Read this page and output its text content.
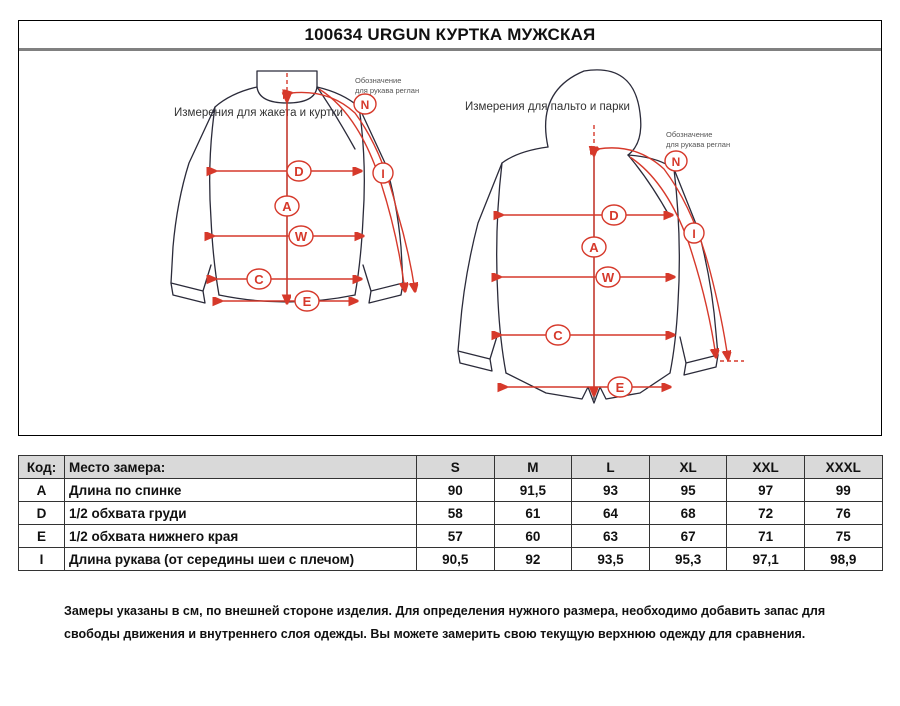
100634 URGUN КУРТКА МУЖСКАЯ
Измерения для жакета и куртки	Измерения для пальто и парки
D
A
W
C
E
N
I
Обозначение
для рукава реглан
D
A
W
C
E
N
I
Обозначение
для рукава реглан
Код:	Место замера:	S	M	L	XL	XXL	XXXL
A	Длина по спинке	90	91,5	93	95	97	99
D	1/2 обхвата груди	58	61	64	68	72	76
E	1/2 обхвата нижнего края	57	60	63	67	71	75
I	Длина рукава (от середины шеи с плечом)	90,5	92	93,5	95,3	97,1	98,9
Замеры указаны в см, по внешней стороне изделия. Для определения нужного размера, необходимо добавить запас для свободы движения и внутреннего слоя одежды. Вы можете замерить свою текущую верхнюю одежду для сравнения.
